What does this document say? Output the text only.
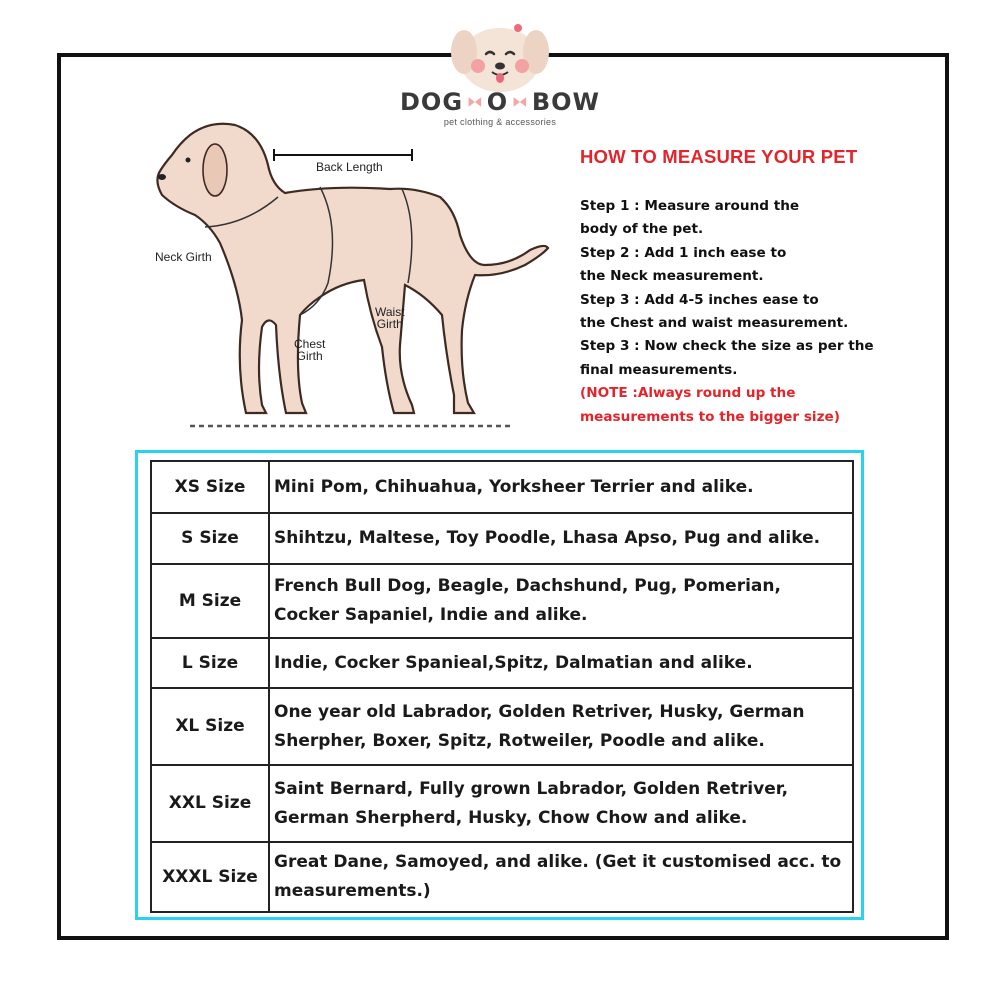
DOG O BOW
pet clothing & accessories
Back Length
Neck Girth
Chest
Girth
Waist
Girth
HOW TO MEASURE YOUR PET
Step 1 : Measure around the
body of the pet.
Step 2 : Add 1 inch ease to
the Neck measurement.
Step 3 : Add 4-5 inches ease to
the Chest and waist measurement.
Step 3 : Now check the size as per the
final measurements.
(NOTE :Always round up the
measurements to the bigger size)
XS Size	Mini Pom, Chihuahua, Yorksheer Terrier and alike.
S Size	Shihtzu, Maltese, Toy Poodle, Lhasa Apso, Pug and alike.
M Size	French Bull Dog, Beagle, Dachshund, Pug, Pomerian, Cocker Sapaniel, Indie and alike.
L Size	Indie, Cocker Spanieal,Spitz, Dalmatian and alike.
XL Size	One year old Labrador, Golden Retriver, Husky, German Sherpher, Boxer, Spitz, Rotweiler, Poodle and alike.
XXL Size	Saint Bernard, Fully grown Labrador, Golden Retriver, German Sherpherd, Husky, Chow Chow and alike.
XXXL Size	Great Dane, Samoyed, and alike. (Get it customised acc. to measurements.)
